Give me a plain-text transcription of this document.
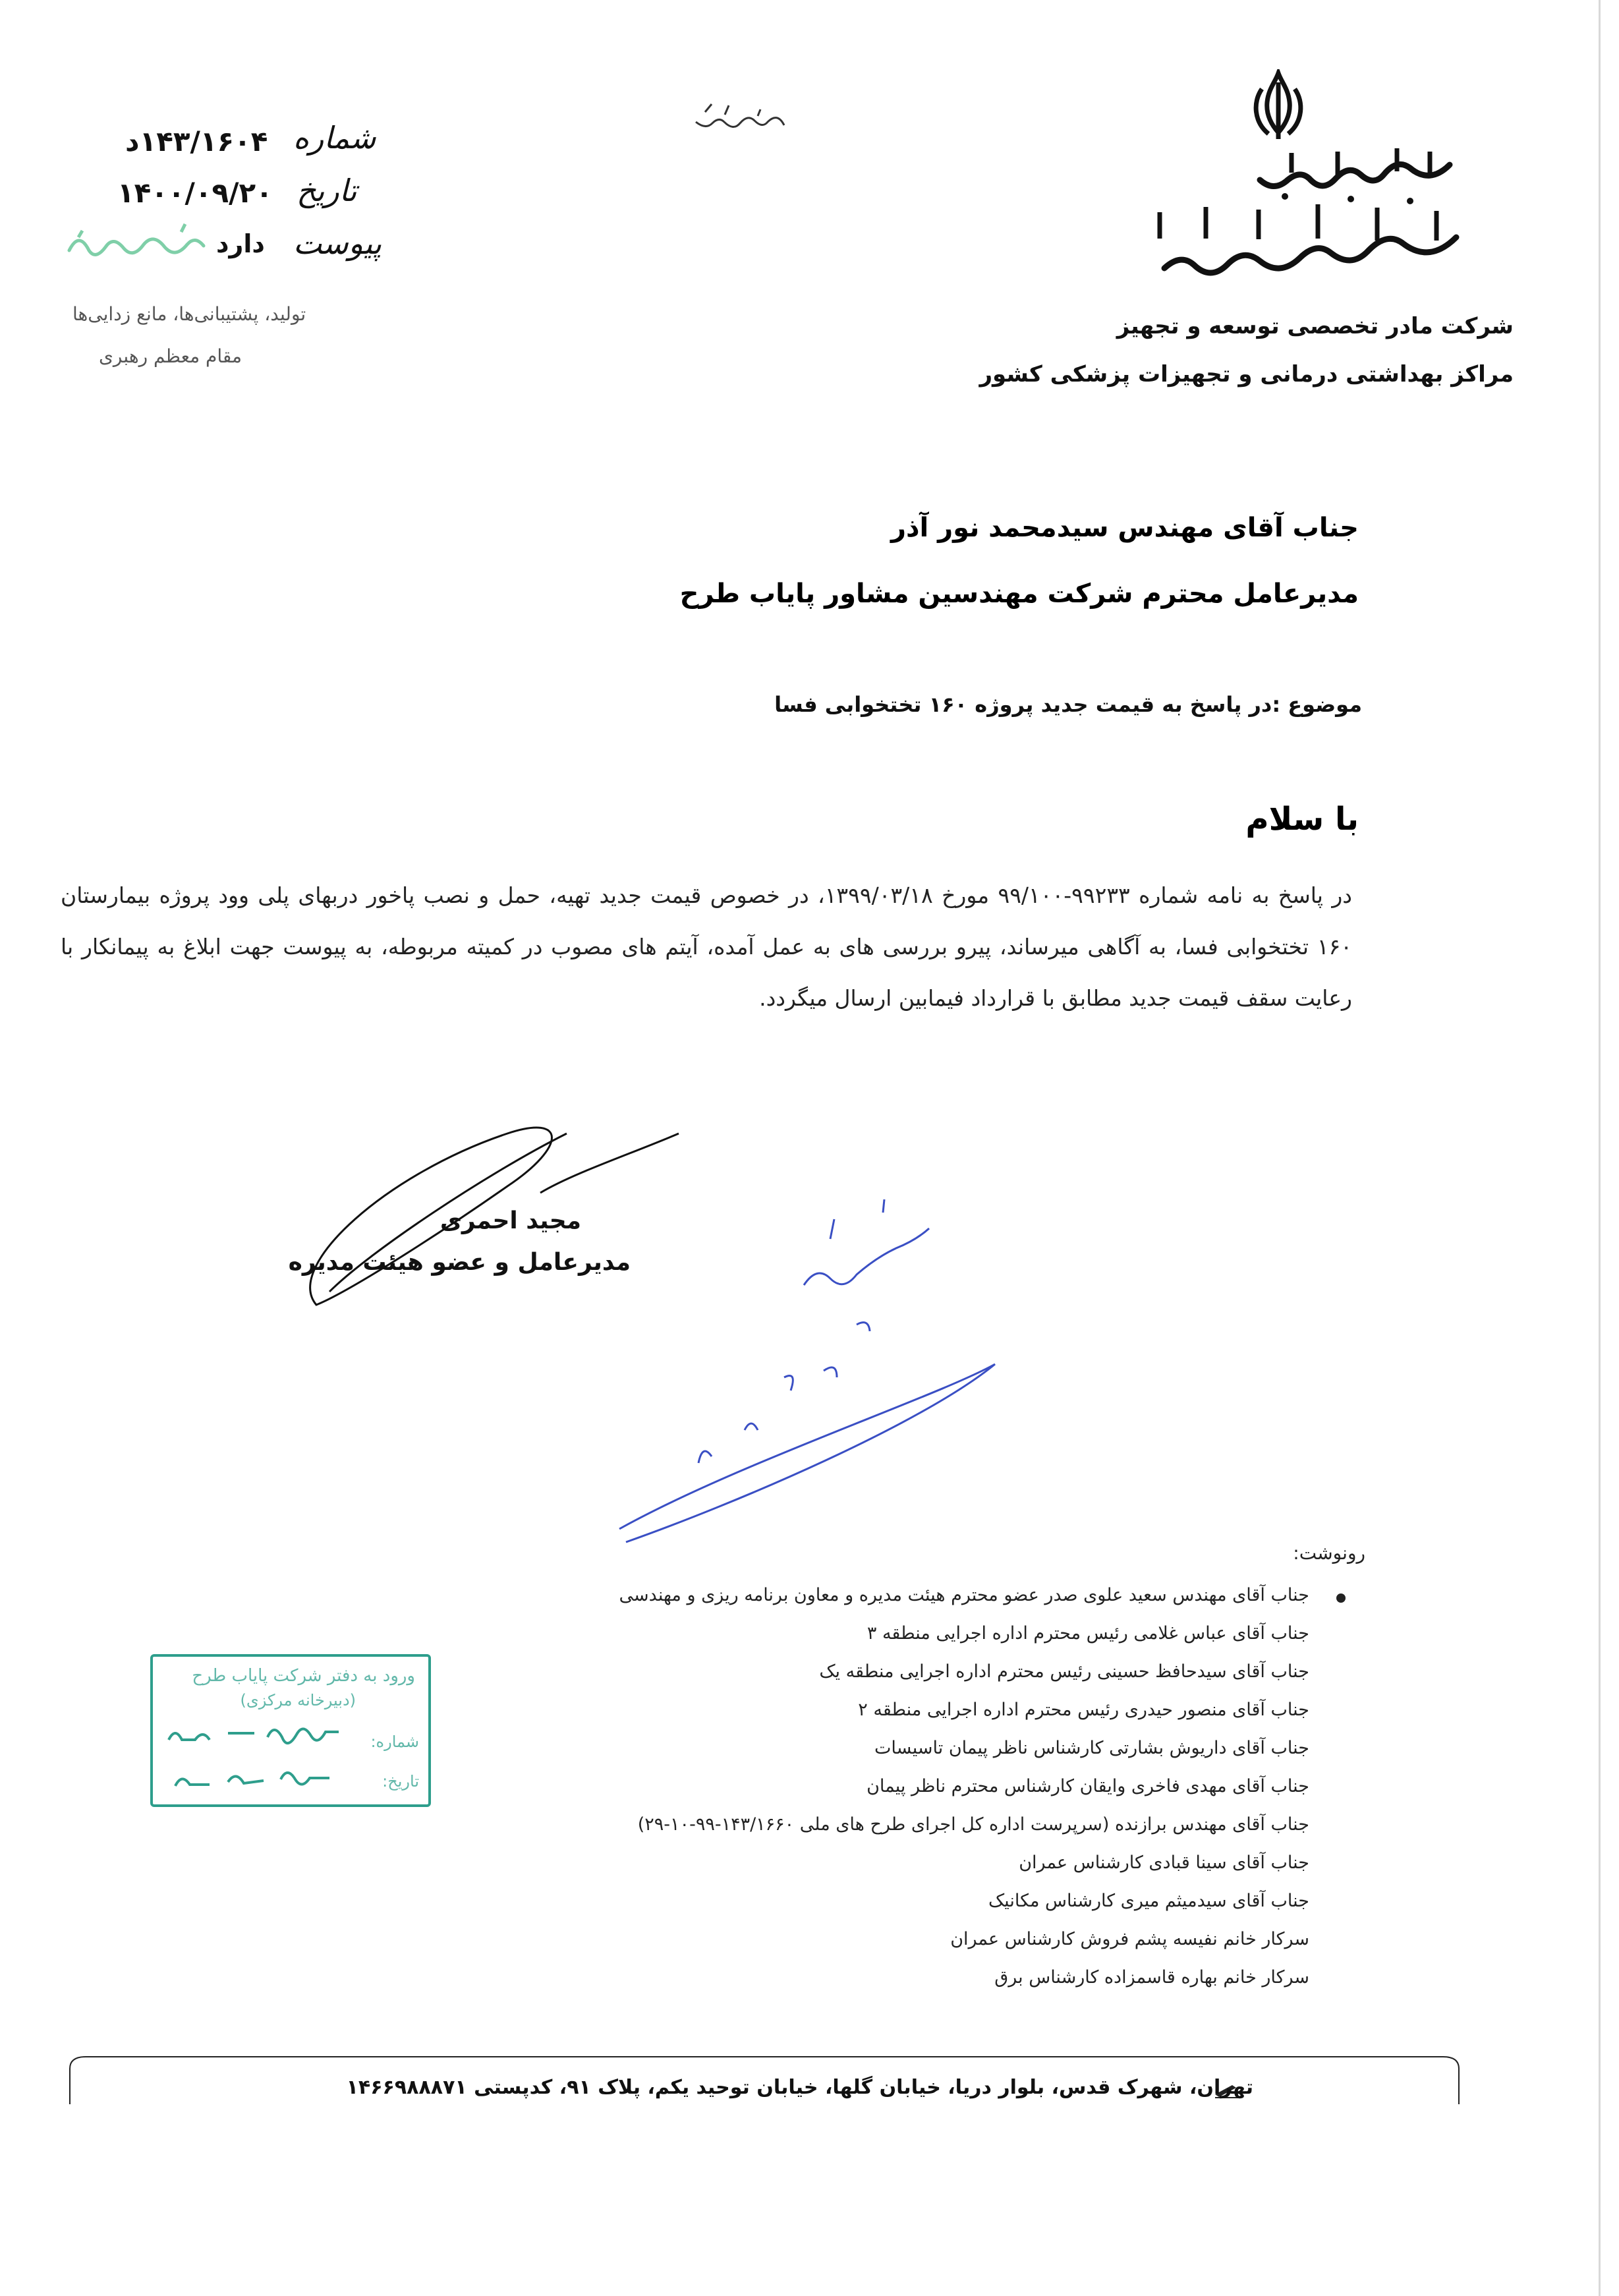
شرکت مادر تخصصی توسعه و تجهیز
مراکز بهداشتی درمانی و تجهیزات پزشکی کشور
شماره
۱۴۳/۱۶۰۴د
تاریخ
۱۴۰۰/۰۹/۲۰
پیوست
دارد
تولید، پشتیبانی‌ها، مانع زدایی‌ها
مقام معظم رهبری
جناب آقای مهندس سیدمحمد نور آذر
مدیرعامل محترم شرکت مهندسین مشاور پایاب طرح
موضوع :در پاسخ به قیمت جدید پروژه ۱۶۰ تختخوابی فسا
با سلام
در پاسخ به نامه شماره ۹۹۲۳۳-۹۹/۱۰۰ مورخ ۱۳۹۹/۰۳/۱۸، در خصوص قیمت جدید تهیه، حمل و نصب پاخور دربهای پلی وود پروژه بیمارستان ۱۶۰ تختخوابی فسا، به آگاهی میرساند، پیرو بررسی های به عمل آمده، آیتم های مصوب در کمیته مربوطه، به پیوست جهت ابلاغ به پیمانکار با رعایت سقف قیمت جدید مطابق با قرارداد فیمابین ارسال میگردد.
مجید احمری
مدیرعامل و عضو هیئت مدیره
رونوشت:
جناب آقای مهندس سعید علوی صدر عضو محترم هیئت مدیره و معاون برنامه ریزی و مهندسی
جناب آقای عباس غلامی رئیس محترم اداره اجرایی منطقه ۳
جناب آقای سیدحافظ حسینی رئیس محترم اداره اجرایی منطقه یک
جناب آقای منصور حیدری رئیس محترم اداره اجرایی منطقه ۲
جناب آقای داریوش بشارتی کارشناس ناظر پیمان تاسیسات
جناب آقای مهدی فاخری وایقان کارشناس محترم ناظر پیمان
جناب آقای مهندس برازنده (سرپرست اداره کل اجرای طرح های ملی ۱۴۳/۱۶۶۰-۹۹-۱۰-۲۹)
جناب آقای سینا قبادی کارشناس عمران
جناب آقای سیدمیثم میری کارشناس مکانیک
سرکار خانم نفیسه پشم فروش کارشناس عمران
سرکار خانم بهاره قاسمزاده کارشناس برق
ورود به دفتر شرکت پایاب طرح
(دبیرخانه مرکزی)
شماره:
تاریخ:
تهران، شهرک قدس، بلوار دریا، خیابان گلها، خیابان توحید یکم، پلاک ۹۱، کدپستی ۱۴۶۶۹۸۸۸۷۱
